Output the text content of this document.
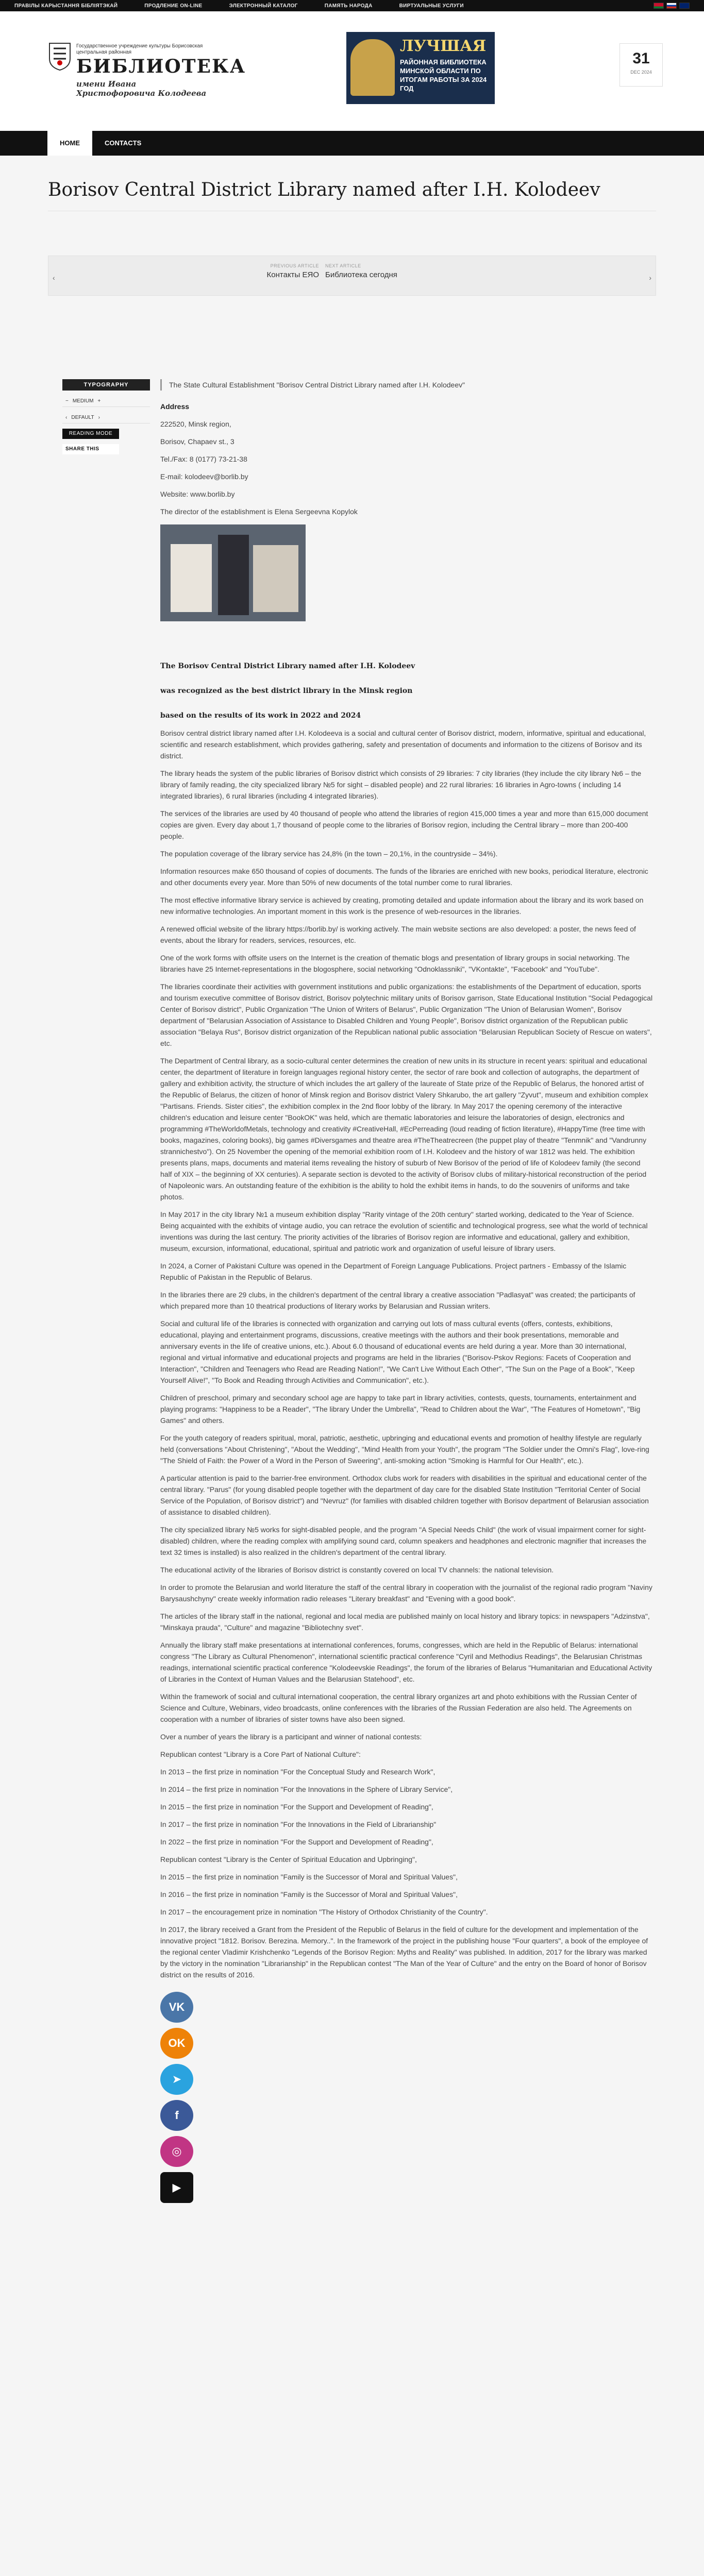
ПРАВІЛЫ КАРЫСТАННЯ БІБЛІЯТЭКАЙ	ПРОДЛЕНИЕ ON-LINE	ЭЛЕКТРОННЫЙ КАТАЛОГ	ПАМЯТЬ НАРОДА	ВИРТУАЛЬНЫЕ УСЛУГИ
Государственное учреждение культуры Борисовская центральная районная
БИБЛИОТЕКА
имени Ивана Христофоровича Колодеева
ЛУЧШАЯ
РАЙОННАЯ БИБЛИОТЕКА МИНСКОЙ ОБЛАСТИ ПО ИТОГАМ РАБОТЫ ЗА 2024 ГОД
31
DEC 2024
HOME	CONTACTS
Borisov Central District Library named after I.H. Kolodeev
‹
PREVIOUS ARTICLE
Контакты ЕЯО
NEXT ARTICLE
Библиотека сегодня	›
TYPOGRAPHY
− MEDIUM +
‹ DEFAULT ›
READING MODE
SHARE THIS

The State Cultural Establishment "Borisov Central District Library named after I.H. Kolodeev"

Address

222520, Minsk region,

Borisov, Chapaev st., 3

Tel./Fax: 8 (0177) 73-21-38

E-mail: kolodeev@borlib.by

Website: www.borlib.by

The director of the establishment is Elena Sergeevna Kopylok

The Borisov Central District Library named after I.H. Kolodeev

was recognized as the best district library in the Minsk region

based on the results of its work in 2022 and 2024

Borisov central district library named after I.H. Kolodeeva is a social and cultural center of Borisov district, modern, informative, spiritual and educational, scientific and research establishment, which provides gathering, safety and presentation of documents and information to the citizens of Borisov and its district.

The library heads the system of the public libraries of Borisov district which consists of 29 libraries: 7 city libraries (they include the city library №6 – the library of family reading, the city specialized library №5 for sight – disabled people) and 22 rural libraries: 16 libraries in Agro-towns ( including 14 integrated libraries), 6 rural libraries (including 4 integrated libraries).

The services of the libraries are used by 40 thousand of people who attend the libraries of region 415,000 times a year and more than 615,000 document copies are given. Every day about 1,7 thousand of people come to the libraries of Borisov region, including the Central library – more than 200-400 people.

The population coverage of the library service has 24,8% (in the town – 20,1%, in the countryside – 34%).

Information resources make 650 thousand of copies of documents. The funds of the libraries are enriched with new books, periodical literature, electronic and other documents every year. More than 50% of new documents of the total number come to rural libraries.

The most effective informative library service is achieved by creating, promoting detailed and update information about the library and its work based on new informative technologies. An important moment in this work is the presence of web-resources in the libraries.

A renewed official website of the library https://borlib.by/ is working actively. The main website sections are also developed: a poster, the news feed of events, about the library for readers, services, resources, etc.

One of the work forms with offsite users on the Internet is the creation of thematic blogs and presentation of library groups in social networking. The libraries have 25 Internet-representations in the blogosphere, social networking "Odnoklassniki", "VKontakte", "Facebook" and "YouTube".

The libraries coordinate their activities with government institutions and public organizations: the establishments of the Department of education, sports and tourism executive committee of Borisov district, Borisov polytechnic military units of Borisov garrison, State Educational Institution "Social Pedagogical Center of Borisov district", Public Organization "The Union of Writers of Belarus", Public Organization "The Union of Belarusian Women", Borisov department of "Belarusian Association of Assistance to Disabled Children and Young People", Borisov district organization of the Republican public association "Belaya Rus", Borisov district organization of the Republican national public association "Belarusian Republican Society of Rescue on waters", etc.

The Department of Central library, as a socio-cultural center determines the creation of new units in its structure in recent years: spiritual and educational center, the department of literature in foreign languages regional history center, the sector of rare book and collection of autographs, the department of gallery and exhibition activity, the structure of which includes the art gallery of the laureate of State prize of the Republic of Belarus, the honored artist of the Republic of Belarus, the citizen of honor of Minsk region and Borisov district Valery Shkarubo, the art gallery "Zyvut", museum and exhibition complex "Partisans. Friends. Sister cities", the exhibition complex in the 2nd floor lobby of the library. In May 2017 the opening ceremony of the interactive children's education and leisure center "BookOK" was held, which are thematic laboratories and leisure the laboratories of design, electronics and programming #TheWorldofMetals, technology and creativity #CreativeHall, #EcPerreading (loud reading of fiction literature), #HappyTime (free time with books, magazines, coloring books), big games #Diversgames and theatre area #TheTheatrecreen (the puppet play of theatre "Tenmnik" and "Vandrunny strannichestvo"). On 25 November the opening of the memorial exhibition room of I.H. Kolodeev and the history of war 1812 was held. The exhibition presents plans, maps, documents and material items revealing the history of suburb of New Borisov of the period of life of Kolodeev family (the second half of XIX – the beginning of XX centuries). A separate section is devoted to the activity of Borisov clubs of military-historical reconstruction of the period of Napoleonic wars. An outstanding feature of the exhibition is the ability to hold the exhibit items in hands, to do the souvenirs of uniforms and take photos.

In May 2017 in the city library №1 a museum exhibition display "Rarity vintage of the 20th century" started working, dedicated to the Year of Science. Being acquainted with the exhibits of vintage audio, you can retrace the evolution of scientific and technological progress, see what the world of technical inventions was during the last century. The priority activities of the libraries of Borisov region are informative and educational, gallery and exhibition, museum, excursion, informational, educational, spiritual and patriotic work and organization of useful leisure of library users.

In 2024, a Corner of Pakistani Culture was opened in the Department of Foreign Language Publications. Project partners - Embassy of the Islamic Republic of Pakistan in the Republic of Belarus.

In the libraries there are 29 clubs, in the children's department of the central library a creative association "Padlasyat" was created; the participants of which prepared more than 10 theatrical productions of literary works by Belarusian and Russian writers.

Social and cultural life of the libraries is connected with organization and carrying out lots of mass cultural events (offers, contests, exhibitions, educational, playing and entertainment programs, discussions, creative meetings with the authors and their book presentations, memorable and anniversary events in the life of creative unions, etc.). About 6.0 thousand of educational events are held during a year. More than 30 international, regional and virtual informative and educational projects and programs are held in the libraries ("Borisov-Pskov Regions: Facets of Cooperation and Interaction", "Children and Teenagers who Read are Reading Nation!", "We Can't Live Without Each Other", "The Sun on the Page of a Book", "Keep Yourself Alive!", "To Book and Reading through Activities and Communication", etc.).

Children of preschool, primary and secondary school age are happy to take part in library activities, contests, quests, tournaments, entertainment and playing programs: "Happiness to be a Reader", "The library Under the Umbrella", "Read to Children about the War", "The Features of Hometown", "Big Games" and others.

For the youth category of readers spiritual, moral, patriotic, aesthetic, upbringing and educational events and promotion of healthy lifestyle are regularly held (conversations "About Christening", "About the Wedding", "Mind Health from your Youth", the program "The Soldier under the Omni's Flag", love-ring "The Shield of Faith: the Power of a Word in the Person of Sweering", anti-smoking action "Smoking is Harmful for Our Health", etc.).

A particular attention is paid to the barrier-free environment. Orthodox clubs work for readers with disabilities in the spiritual and educational center of the central library. "Parus" (for young disabled people together with the department of day care for the disabled State Institution "Territorial Center of Social Service of the Population, of Borisov district") and "Nevruz" (for families with disabled children together with Borisov department of Belarusian association of assistance to disabled children).

The city specialized library №5 works for sight-disabled people, and the program "A Special Needs Child" (the work of visual impairment corner for sight-disabled) children, where the reading complex with amplifying sound card, column speakers and headphones and electronic magnifier that increases the text 32 times is installed) is also realized in the children's department of the central library.

The educational activity of the libraries of Borisov district is constantly covered on local TV channels: the national television.

In order to promote the Belarusian and world literature the staff of the central library in cooperation with the journalist of the regional radio program "Navіny Barysaushchyny" create weekly information radio releases "Literary breakfast" and "Evening with a good book".

The articles of the library staff in the national, regional and local media are published mainly on local history and library topics: in newspapers "Adzinstva", "Minskaya prauda", "Culture" and magazine "Bibliotechny svet".

Annually the library staff make presentations at international conferences, forums, congresses, which are held in the Republic of Belarus: international congress "The Library as Cultural Phenomenon", international scientific practical conference "Cyril and Methodius Readings", the Belarusian Christmas readings, international scientific practical conference "Kolodeevskie Readings", the forum of the libraries of Belarus "Humanitarian and Educational Activity of Libraries in the Context of Human Values and the Belarusian Statehood", etc.

Within the framework of social and cultural international cooperation, the central library organizes art and photo exhibitions with the Russian Center of Science and Culture, Webinars, video broadcasts, online conferences with the libraries of the Russian Federation are also held. The Agreements on cooperation with a number of libraries of sister towns have also been signed.

Over a number of years the library is a participant and winner of national contests:

Republican contest "Library is a Core Part of National Culture":

In 2013 – the first prize in nomination "For the Conceptual Study and Research Work",

In 2014 – the first prize in nomination "For the Innovations in the Sphere of Library Service",

In 2015 – the first prize in nomination "For the Support and Development of Reading",

In 2017 – the first prize in nomination "For the Innovations in the Field of Librarianship"

In 2022 – the first prize in nomination "For the Support and Development of Reading",

Republican contest "Library is the Center of Spiritual Education and Upbringing",

In 2015 – the first prize in nomination "Family is the Successor of Moral and Spiritual Values",

In 2016 – the first prize in nomination "Family is the Successor of Moral and Spiritual Values",

In 2017 – the encouragement prize in nomination "The History of Orthodox Christianity of the Country".

In 2017, the library received a Grant from the President of the Republic of Belarus in the field of culture for the development and implementation of the innovative project "1812. Borisov. Berezina. Memory..". In the framework of the project in the publishing house "Four quarters", a book of the employee of the regional center Vladimir Krishchenko "Legends of the Borisov Region: Myths and Reality" was published. In addition, 2017 for the library was marked by the victory in the nomination "Librarianship" in the Republican contest "The Man of the Year of Culture" and the entry on the Board of honor of Borisov district on the results of 2016.

VK
OK
➤
f
◎
▶
